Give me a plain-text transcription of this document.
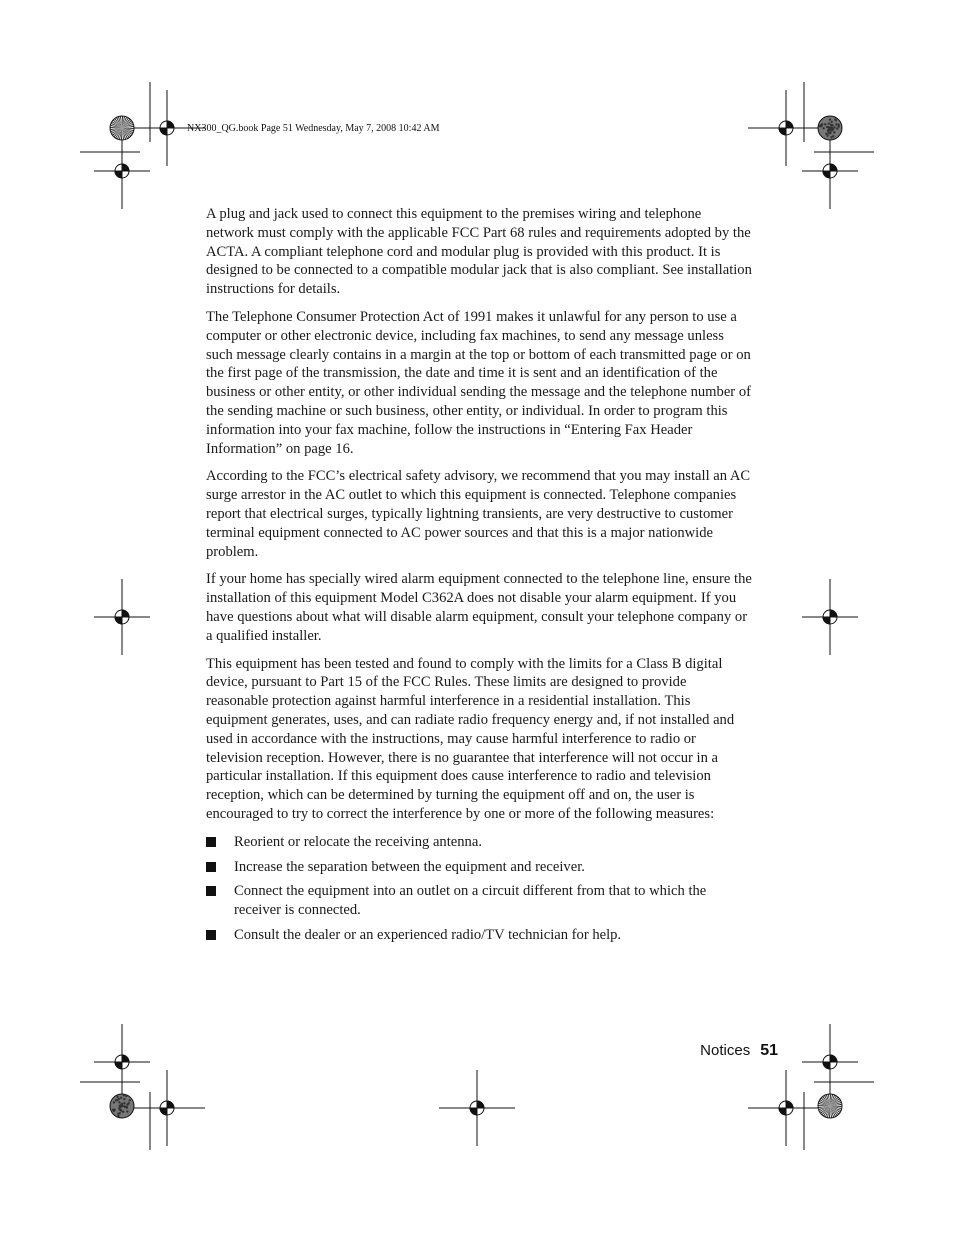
NX300_QG.book Page 51 Wednesday, May 7, 2008 10:42 AM

A plug and jack used to connect this equipment to the premises wiring and telephone network must comply with the applicable FCC Part 68 rules and requirements adopted by the ACTA. A compliant telephone cord and modular plug is provided with this product. It is designed to be connected to a compatible modular jack that is also compliant. See installation instructions for details.

The Telephone Consumer Protection Act of 1991 makes it unlawful for any person to use a computer or other electronic device, including fax machines, to send any message unless such message clearly contains in a margin at the top or bottom of each transmitted page or on the first page of the transmission, the date and time it is sent and an identification of the business or other entity, or other individual sending the message and the telephone number of the sending machine or such business, other entity, or individual. In order to program this information into your fax machine, follow the instructions in “Entering Fax Header Information” on page 16.

According to the FCC’s electrical safety advisory, we recommend that you may install an AC surge arrestor in the AC outlet to which this equipment is connected. Telephone companies report that electrical surges, typically lightning transients, are very destructive to customer terminal equipment connected to AC power sources and that this is a major nationwide problem.

If your home has specially wired alarm equipment connected to the telephone line, ensure the installation of this equipment Model C362A does not disable your alarm equipment. If you have questions about what will disable alarm equipment, consult your telephone company or a qualified installer.

This equipment has been tested and found to comply with the limits for a Class B digital device, pursuant to Part 15 of the FCC Rules. These limits are designed to provide reasonable protection against harmful interference in a residential installation. This equipment generates, uses, and can radiate radio frequency energy and, if not installed and used in accordance with the instructions, may cause harmful interference to radio or television reception. However, there is no guarantee that interference will not occur in a particular installation. If this equipment does cause interference to radio and television reception, which can be determined by turning the equipment off and on, the user is encouraged to try to correct the interference by one or more of the following measures:

Reorient or relocate the receiving antenna.
Increase the separation between the equipment and receiver.
Connect the equipment into an outlet on a circuit different from that to which the receiver is connected.
Consult the dealer or an experienced radio/TV technician for help.
Notices 51
